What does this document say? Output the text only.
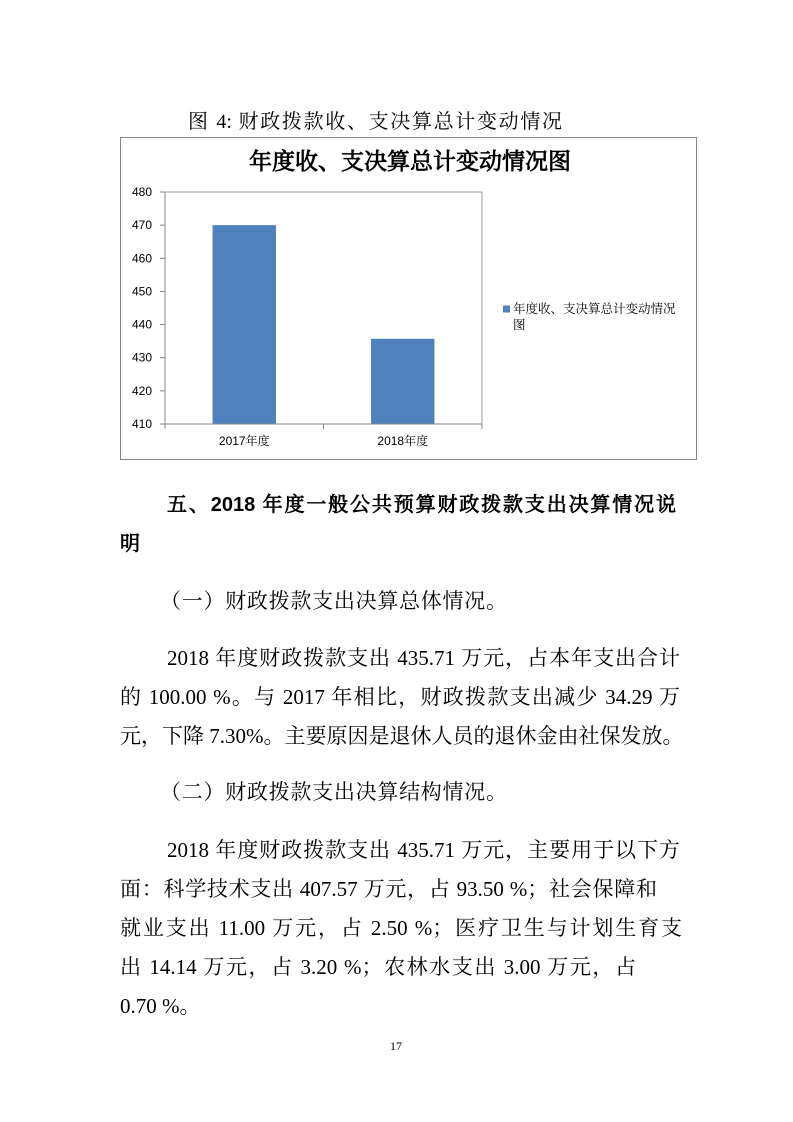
图 4: 财政拨款收、支决算总计变动情况
年度收、支决算总计变动情况图
410
420
430
440
450
460
470
480
2017年度	2018年度
年度收、支决算总计变动情况图
五、2018 年度一般公共预算财政拨款支出决算情况说
明
（一）财政拨款支出决算总体情况。
2018 年度财政拨款支出 435.71 万元，占本年支出合计
的 100.00 %。与 2017 年相比，财政拨款支出减少 34.29 万
元，下降 7.30%。主要原因是退休人员的退休金由社保发放。
（二）财政拨款支出决算结构情况。
2018 年度财政拨款支出 435.71 万元，主要用于以下方
面：科学技术支出 407.57 万元，占 93.50 %；社会保障和
就业支出 11.00 万元，占 2.50 %；医疗卫生与计划生育支
出 14.14 万元，占 3.20 %；农林水支出 3.00 万元，占
0.70 %。
17
